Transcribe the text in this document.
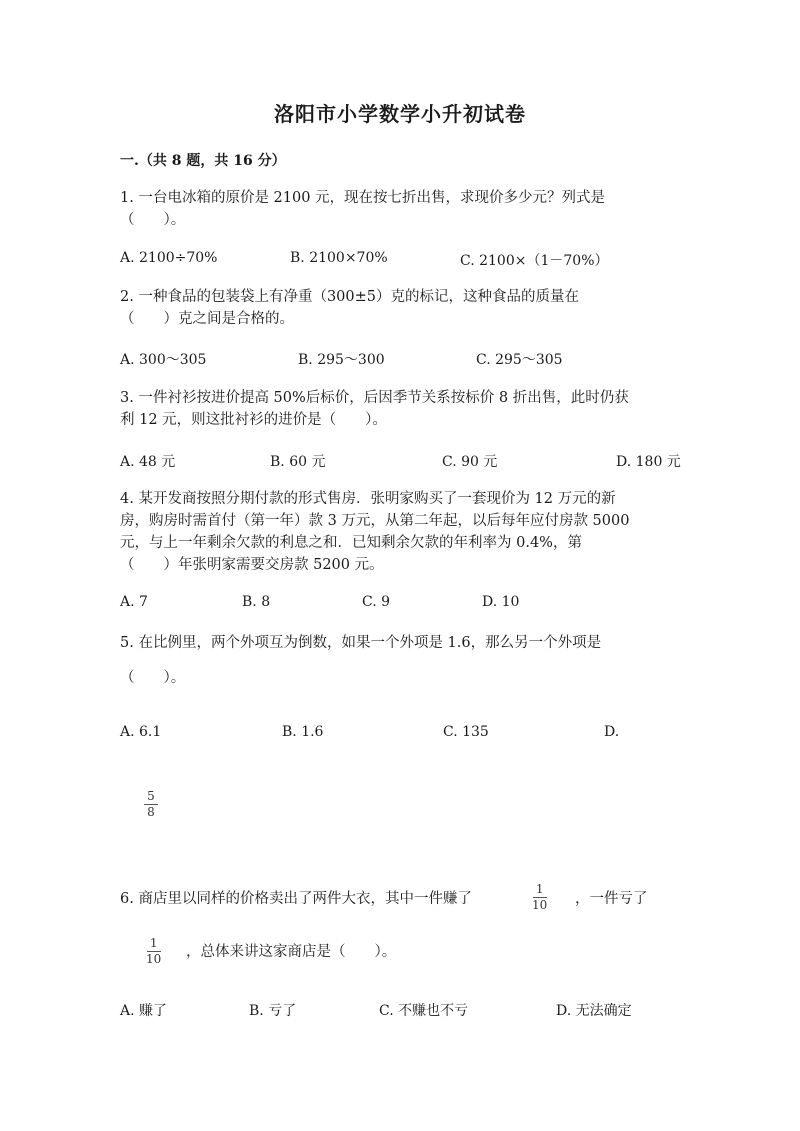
洛阳市小学数学小升初试卷
一.（共 8 题，共 16 分）
1. 一台电冰箱的原价是 2100 元，现在按七折出售，求现价多少元？列式是
（　　）。
A. 2100÷70%	B. 2100×70%	C. 2100×（1－70%）
2. 一种食品的包装袋上有净重（300±5）克的标记，这种食品的质量在
（　　）克之间是合格的。
A. 300～305	B. 295～300	C. 295～305
3. 一件衬衫按进价提高 50%后标价，后因季节关系按标价 8 折出售，此时仍获
利 12 元，则这批衬衫的进价是（　　）。
A. 48 元	B. 60 元	C. 90 元	D. 180 元
4. 某开发商按照分期付款的形式售房．张明家购买了一套现价为 12 万元的新
房，购房时需首付（第一年）款 3 万元，从第二年起，以后每年应付房款 5000
元，与上一年剩余欠款的利息之和．已知剩余欠款的年利率为 0.4%，第
（　　）年张明家需要交房款 5200 元。
A. 7	B. 8	C. 9	D. 10
5. 在比例里，两个外项互为倒数，如果一个外项是 1.6，那么另一个外项是
（　　）。
A. 6.1	B. 1.6	C. 135	D.
5
8
6. 商店里以同样的价格卖出了两件大衣，其中一件赚了
1
10 ，一件亏了
1
10 ，总体来讲这家商店是（　　）。
A. 赚了	B. 亏了	C. 不赚也不亏	D. 无法确定
